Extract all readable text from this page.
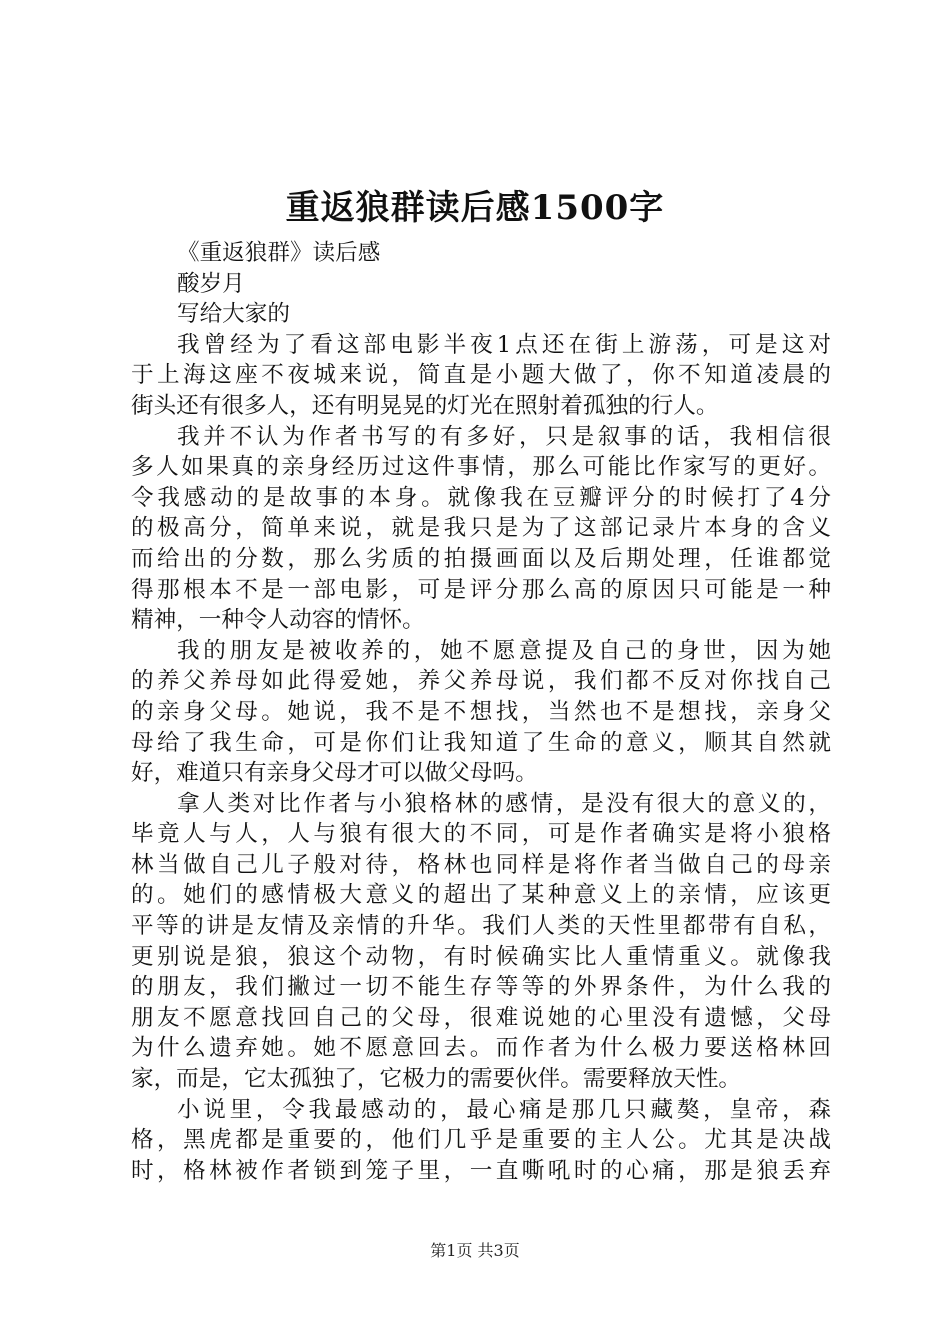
重返狼群读后感1500字
《重返狼群》读后感
酸岁月
写给大家的
我曾经为了看这部电影半夜1点还在街上游荡，可是这对
于上海这座不夜城来说，简直是小题大做了，你不知道凌晨的
街头还有很多人，还有明晃晃的灯光在照射着孤独的行人。
我并不认为作者书写的有多好，只是叙事的话，我相信很
多人如果真的亲身经历过这件事情，那么可能比作家写的更好。
令我感动的是故事的本身。就像我在豆瓣评分的时候打了4分
的极高分，简单来说，就是我只是为了这部记录片本身的含义
而给出的分数，那么劣质的拍摄画面以及后期处理，任谁都觉
得那根本不是一部电影，可是评分那么高的原因只可能是一种
精神，一种令人动容的情怀。
我的朋友是被收养的，她不愿意提及自己的身世，因为她
的养父养母如此得爱她，养父养母说，我们都不反对你找自己
的亲身父母。她说，我不是不想找，当然也不是想找，亲身父
母给了我生命，可是你们让我知道了生命的意义，顺其自然就
好，难道只有亲身父母才可以做父母吗。
拿人类对比作者与小狼格林的感情，是没有很大的意义的，
毕竟人与人，人与狼有很大的不同，可是作者确实是将小狼格
林当做自己儿子般对待，格林也同样是将作者当做自己的母亲
的。她们的感情极大意义的超出了某种意义上的亲情，应该更
平等的讲是友情及亲情的升华。我们人类的天性里都带有自私，
更别说是狼，狼这个动物，有时候确实比人重情重义。就像我
的朋友，我们撇过一切不能生存等等的外界条件，为什么我的
朋友不愿意找回自己的父母，很难说她的心里没有遗憾，父母
为什么遗弃她。她不愿意回去。而作者为什么极力要送格林回
家，而是，它太孤独了，它极力的需要伙伴。需要释放天性。
小说里，令我最感动的，最心痛是那几只藏獒，皇帝，森
格，黑虎都是重要的，他们几乎是重要的主人公。尤其是决战
时，格林被作者锁到笼子里，一直嘶吼时的心痛，那是狼丢弃
第1页 共3页
